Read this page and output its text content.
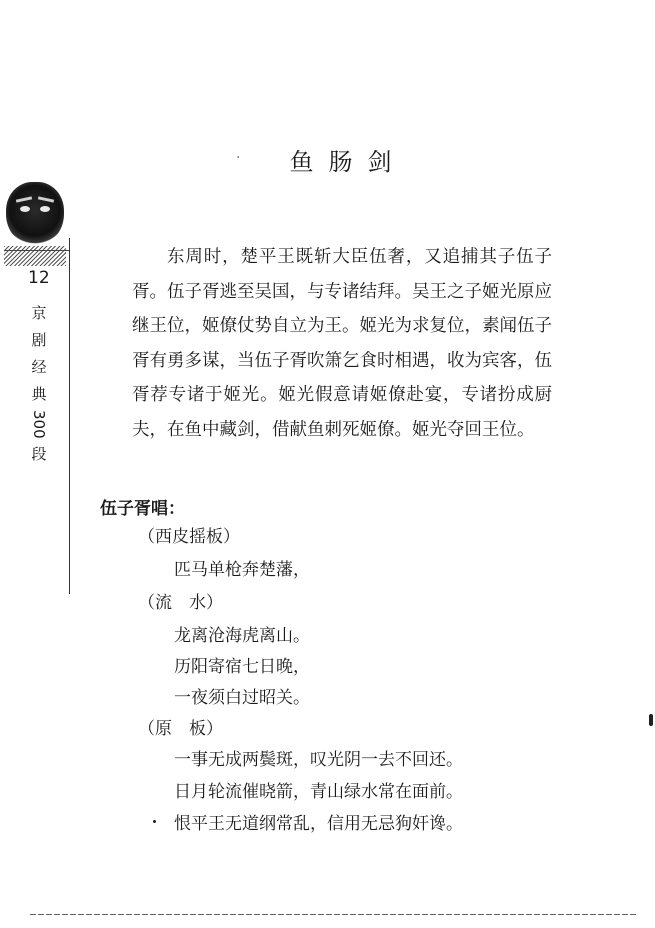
·	鱼肠剑
12
京
剧
经
典
300
段

东周时，楚平王既斩大臣伍奢，又追捕其子伍子胥。伍子胥逃至吴国，与专诸结拜。吴王之子姬光原应继王位，姬僚仗势自立为王。姬光为求复位，素闻伍子胥有勇多谋，当伍子胥吹箫乞食时相遇，收为宾客，伍胥荐专诸于姬光。姬光假意请姬僚赴宴，专诸扮成厨夫，在鱼中藏剑，借献鱼刺死姬僚。姬光夺回王位。

伍子胥唱：
（西皮摇板）
匹马单枪奔楚藩，
（流　水）
龙离沧海虎离山。
历阳寄宿七日晚，
一夜须白过昭关。
（原　板）
一事无成两鬓斑，叹光阴一去不回还。
日月轮流催晓箭，青山绿水常在面前。
恨平王无道纲常乱，信用无忌狗奸谗。
